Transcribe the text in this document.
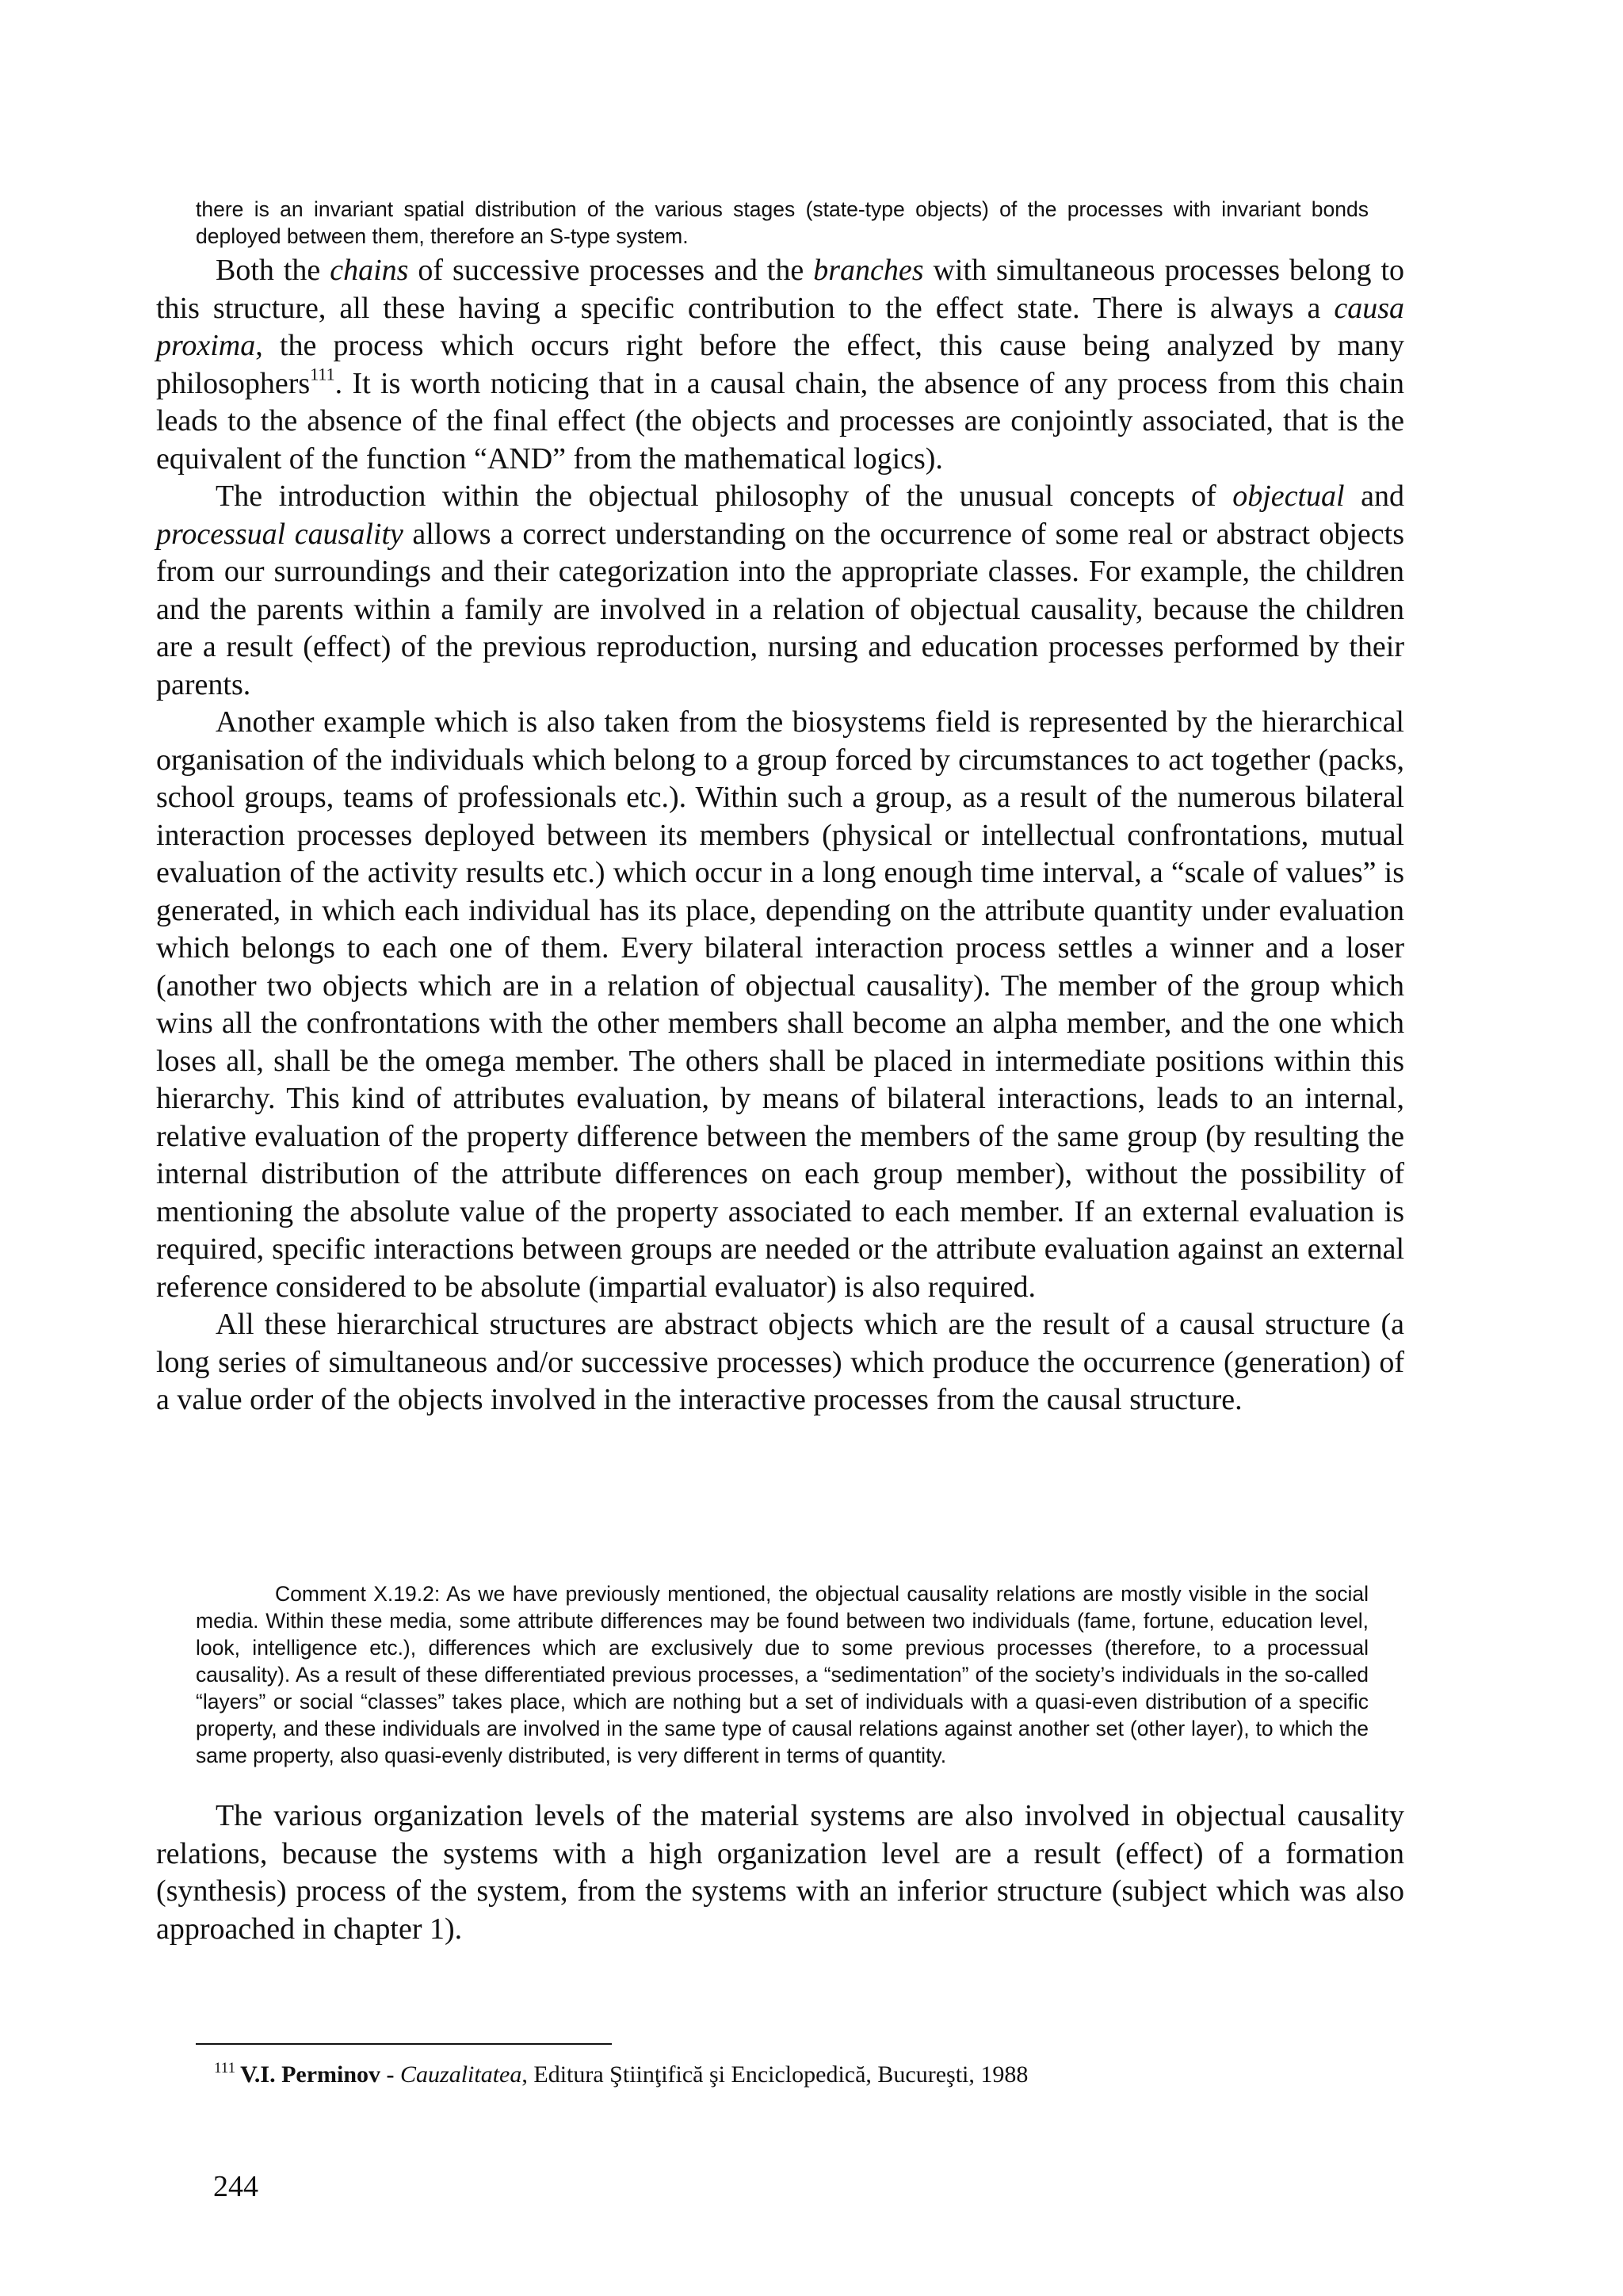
there is an invariant spatial distribution of the various stages (state-type objects) of the processes with invariant bonds deployed between them, therefore an S-type system.

Both the chains of successive processes and the branches with simultaneous processes belong to this structure, all these having a specific contribution to the effect state. There is always a causa proxima, the process which occurs right before the effect, this cause being analyzed by many philosophers$^{111}$. It is worth noticing that in a causal chain, the absence of any process from this chain leads to the absence of the final effect (the objects and processes are conjointly associated, that is the equivalent of the function “AND” from the mathematical logics).

The introduction within the objectual philosophy of the unusual concepts of objectual and processual causality allows a correct understanding on the occurrence of some real or abstract objects from our surroundings and their categorization into the appropriate classes. For example, the children and the parents within a family are involved in a relation of objectual causality, because the children are a result (effect) of the previous reproduction, nursing and education processes performed by their parents.

Another example which is also taken from the biosystems field is represented by the hierarchical organisation of the individuals which belong to a group forced by circumstances to act together (packs, school groups, teams of professionals etc.). Within such a group, as a result of the numerous bilateral interaction processes deployed between its members (physical or intellectual confrontations, mutual evaluation of the activity results etc.) which occur in a long enough time interval, a “scale of values” is generated, in which each individual has its place, depending on the attribute quantity under evaluation which belongs to each one of them. Every bilateral interaction process settles a winner and a loser (another two objects which are in a relation of objectual causality). The member of the group which wins all the confrontations with the other members shall become an alpha member, and the one which loses all, shall be the omega member. The others shall be placed in intermediate positions within this hierarchy. This kind of attributes evaluation, by means of bilateral interactions, leads to an internal, relative evaluation of the property difference between the members of the same group (by resulting the internal distribution of the attribute differences on each group member), without the possibility of mentioning the absolute value of the property associated to each member. If an external evaluation is required, specific interactions between groups are needed or the attribute evaluation against an external reference considered to be absolute (impartial evaluator) is also required.

All these hierarchical structures are abstract objects which are the result of a causal structure (a long series of simultaneous and/or successive processes) which produce the occurrence (generation) of a value order of the objects involved in the interactive processes from the causal structure.

Comment X.19.2: As we have previously mentioned, the objectual causality relations are mostly visible in the social media. Within these media, some attribute differences may be found between two individuals (fame, fortune, education level, look, intelligence etc.), differences which are exclusively due to some previous processes (therefore, to a processual causality). As a result of these differentiated previous processes, a “sedimentation” of the society’s individuals in the so-called “layers” or social “classes” takes place, which are nothing but a set of individuals with a quasi-even distribution of a specific property, and these individuals are involved in the same type of causal relations against another set (other layer), to which the same property, also quasi-evenly distributed, is very different in terms of quantity.

The various organization levels of the material systems are also involved in objectual causality relations, because the systems with a high organization level are a result (effect) of a formation (synthesis) process of the system, from the systems with an inferior structure (subject which was also approached in chapter 1).

$^{111}$ V.I. Perminov - Cauzalitatea, Editura Ştiinţifică şi Enciclopedică, Bucureşti, 1988
244
